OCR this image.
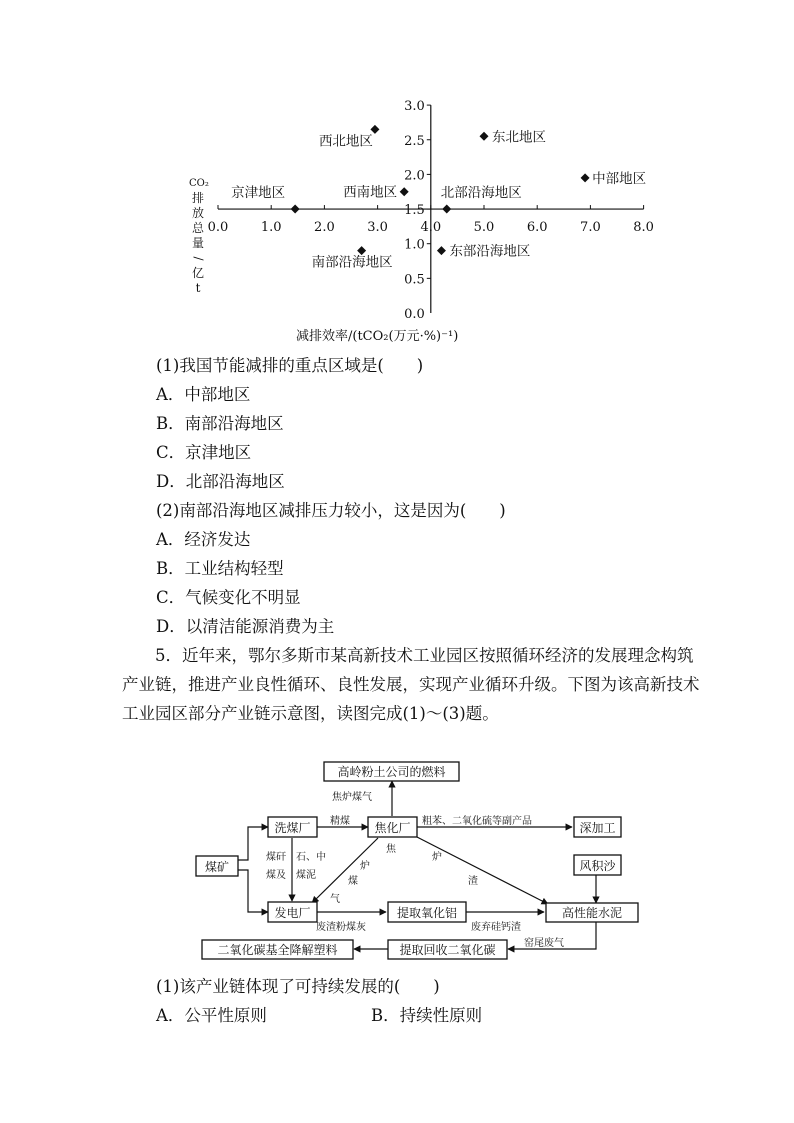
0.0	1.0	2.0	3.0	4.0	5.0	6.0	7.0	8.0
0.5
1.0
2.0
2.5
3.0
1.5
0.0
西北地区	东北地区
中部地区
京津地区	西南地区	北部沿海地区
南部沿海地区
东部沿海地区
CO₂
排
放
总
量
/
亿
t
减排效率/(tCO₂(万元·%)⁻¹)
(1)我国节能减排的重点区域是(　　)
A．中部地区
B．南部沿海地区
C．京津地区
D．北部沿海地区
(2)南部沿海地区减排压力较小，这是因为(　　)
A．经济发达
B．工业结构轻型
C．气候变化不明显
D．以清洁能源消费为主
5．近年来，鄂尔多斯市某高新技术工业园区按照循环经济的发展理念构筑产业链，推进产业良性循环、良性发展，实现产业循环升级。下图为该高新技术工业园区部分产业链示意图，读图完成(1)～(3)题。
高岭粉土公司的燃料
洗煤厂	焦化厂	深加工
煤矿	风积沙
发电厂	提取氧化铝	高性能水泥
提取回收二氧化碳
二氧化碳基全降解塑料
焦炉煤气
精煤	粗苯、二氧化硫等副产品
煤矸
煤及
石、中
煤泥
炉
焦
煤
气
炉
渣
废渣粉煤灰	废弃硅钙渣
窑尾废气
(1)该产业链体现了可持续发展的(　　)
A．公平性原则	B．持续性原则
